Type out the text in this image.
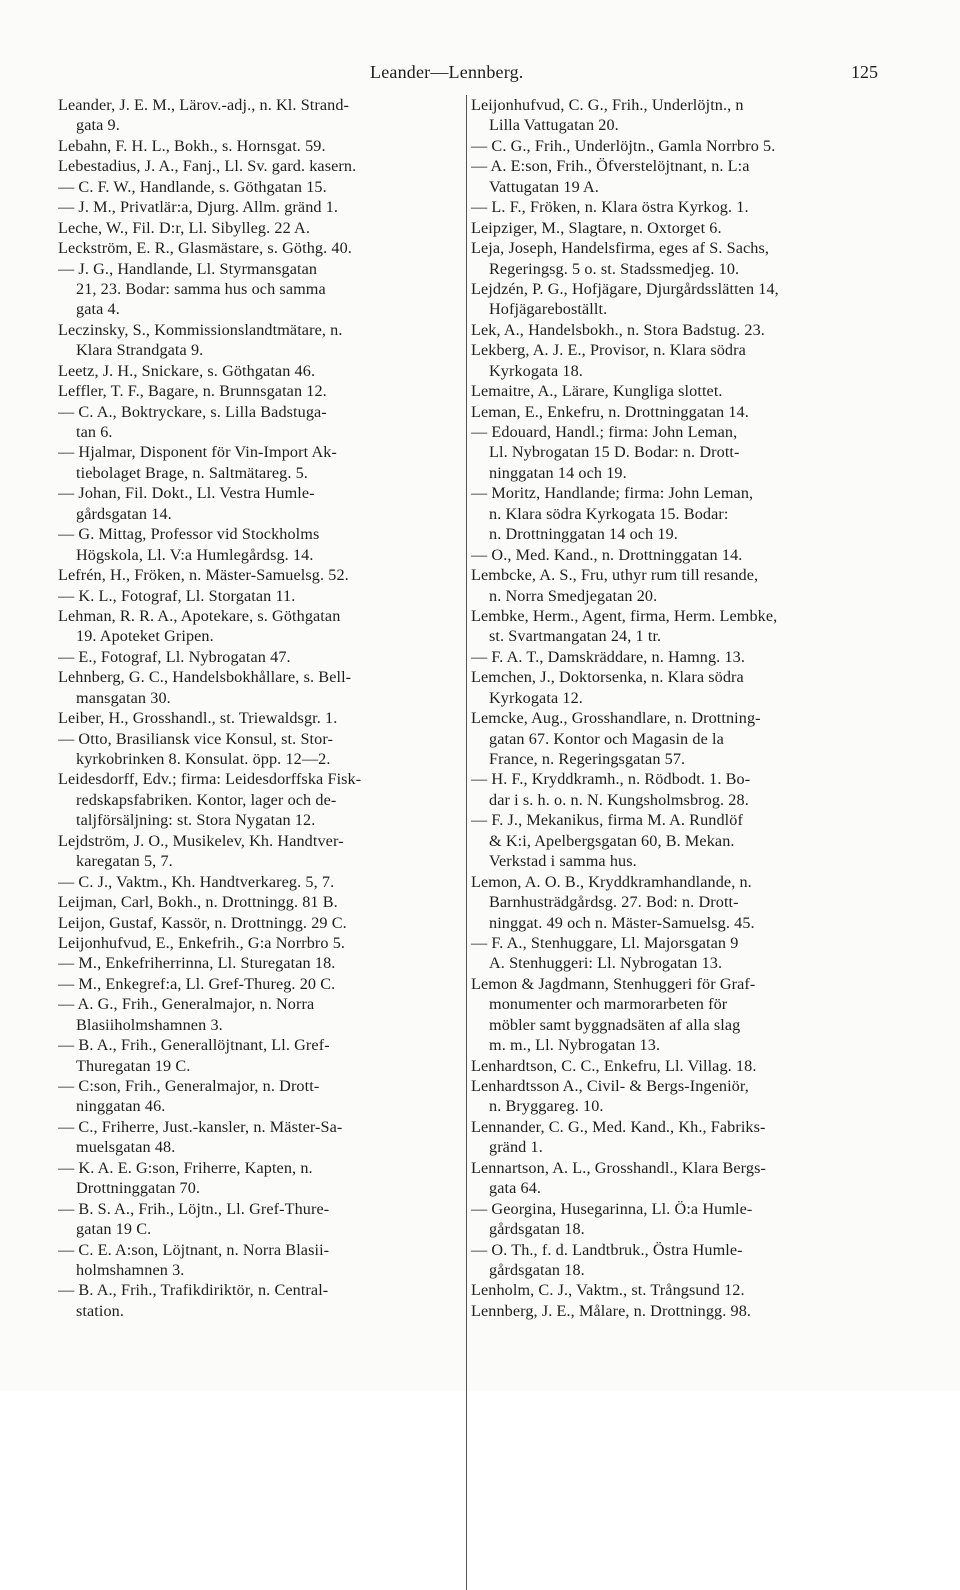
Leander—Lennberg.	125
Leander, J. E. M., Lärov.-adj., n. Kl. Strand-
gata 9.
Lebahn, F. H. L., Bokh., s. Hornsgat. 59.
Lebestadius, J. A., Fanj., Ll. Sv. gard. kasern.
— C. F. W., Handlande, s. Göthgatan 15.
— J. M., Privatlär:a, Djurg. Allm. gränd 1.
Leche, W., Fil. D:r, Ll. Sibylleg. 22 A.
Leckström, E. R., Glasmästare, s. Göthg. 40.
— J. G., Handlande, Ll. Styrmansgatan
21, 23. Bodar: samma hus och samma
gata 4.
Leczinsky, S., Kommissionslandtmätare, n.
Klara Strandgata 9.
Leetz, J. H., Snickare, s. Göthgatan 46.
Leffler, T. F., Bagare, n. Brunnsgatan 12.
— C. A., Boktryckare, s. Lilla Badstuga-
tan 6.
— Hjalmar, Disponent för Vin-Import Ak-
tiebolaget Brage, n. Saltmätareg. 5.
— Johan, Fil. Dokt., Ll. Vestra Humle-
gårdsgatan 14.
— G. Mittag, Professor vid Stockholms
Högskola, Ll. V:a Humlegårdsg. 14.
Lefrén, H., Fröken, n. Mäster-Samuelsg. 52.
— K. L., Fotograf, Ll. Storgatan 11.
Lehman, R. R. A., Apotekare, s. Göthgatan
19. Apoteket Gripen.
— E., Fotograf, Ll. Nybrogatan 47.
Lehnberg, G. C., Handelsbokhållare, s. Bell-
mansgatan 30.
Leiber, H., Grosshandl., st. Triewaldsgr. 1.
— Otto, Brasiliansk vice Konsul, st. Stor-
kyrkobrinken 8. Konsulat. öpp. 12—2.
Leidesdorff, Edv.; firma: Leidesdorffska Fisk-
redskapsfabriken. Kontor, lager och de-
taljförsäljning: st. Stora Nygatan 12.
Lejdström, J. O., Musikelev, Kh. Handtver-
karegatan 5, 7.
— C. J., Vaktm., Kh. Handtverkareg. 5, 7.
Leijman, Carl, Bokh., n. Drottningg. 81 B.
Leijon, Gustaf, Kassör, n. Drottningg. 29 C.
Leijonhufvud, E., Enkefrih., G:a Norrbro 5.
— M., Enkefriherrinna, Ll. Sturegatan 18.
— M., Enkegref:a, Ll. Gref-Thureg. 20 C.
— A. G., Frih., Generalmajor, n. Norra
Blasiiholmshamnen 3.
— B. A., Frih., Generallöjtnant, Ll. Gref-
Thuregatan 19 C.
— C:son, Frih., Generalmajor, n. Drott-
ninggatan 46.
— C., Friherre, Just.-kansler, n. Mäster-Sa-
muelsgatan 48.
— K. A. E. G:son, Friherre, Kapten, n.
Drottninggatan 70.
— B. S. A., Frih., Löjtn., Ll. Gref-Thure-
gatan 19 C.
— C. E. A:son, Löjtnant, n. Norra Blasii-
holmshamnen 3.
— B. A., Frih., Trafikdiriktör, n. Central-
station.
Leijonhufvud, C. G., Frih., Underlöjtn., n
Lilla Vattugatan 20.
— C. G., Frih., Underlöjtn., Gamla Norrbro 5.
— A. E:son, Frih., Öfverstelöjtnant, n. L:a
Vattugatan 19 A.
— L. F., Fröken, n. Klara östra Kyrkog. 1.
Leipziger, M., Slagtare, n. Oxtorget 6.
Leja, Joseph, Handelsfirma, eges af S. Sachs,
Regeringsg. 5 o. st. Stadssmedjeg. 10.
Lejdzén, P. G., Hofjägare, Djurgårdsslätten 14,
Hofjägareboställt.
Lek, A., Handelsbokh., n. Stora Badstug. 23.
Lekberg, A. J. E., Provisor, n. Klara södra
Kyrkogata 18.
Lemaitre, A., Lärare, Kungliga slottet.
Leman, E., Enkefru, n. Drottninggatan 14.
— Edouard, Handl.; firma: John Leman,
Ll. Nybrogatan 15 D. Bodar: n. Drott-
ninggatan 14 och 19.
— Moritz, Handlande; firma: John Leman,
n. Klara södra Kyrkogata 15. Bodar:
n. Drottninggatan 14 och 19.
— O., Med. Kand., n. Drottninggatan 14.
Lembcke, A. S., Fru, uthyr rum till resande,
n. Norra Smedjegatan 20.
Lembke, Herm., Agent, firma, Herm. Lembke,
st. Svartmangatan 24, 1 tr.
— F. A. T., Damskräddare, n. Hamng. 13.
Lemchen, J., Doktorsenka, n. Klara södra
Kyrkogata 12.
Lemcke, Aug., Grosshandlare, n. Drottning-
gatan 67. Kontor och Magasin de la
France, n. Regeringsgatan 57.
— H. F., Kryddkramh., n. Rödbodt. 1. Bo-
dar i s. h. o. n. N. Kungsholmsbrog. 28.
— F. J., Mekanikus, firma M. A. Rundlöf
& K:i, Apelbergsgatan 60, B. Mekan.
Verkstad i samma hus.
Lemon, A. O. B., Kryddkramhandlande, n.
Barnhusträdgårdsg. 27. Bod: n. Drott-
ninggat. 49 och n. Mäster-Samuelsg. 45.
— F. A., Stenhuggare, Ll. Majorsgatan 9
A. Stenhuggeri: Ll. Nybrogatan 13.
Lemon & Jagdmann, Stenhuggeri för Graf-
monumenter och marmorarbeten för
möbler samt byggnadsäten af alla slag
m. m., Ll. Nybrogatan 13.
Lenhardtson, C. C., Enkefru, Ll. Villag. 18.
Lenhardtsson A., Civil- & Bergs-Ingeniör,
n. Bryggareg. 10.
Lennander, C. G., Med. Kand., Kh., Fabriks-
gränd 1.
Lennartson, A. L., Grosshandl., Klara Bergs-
gata 64.
— Georgina, Husegarinna, Ll. Ö:a Humle-
gårdsgatan 18.
— O. Th., f. d. Landtbruk., Östra Humle-
gårdsgatan 18.
Lenholm, C. J., Vaktm., st. Trångsund 12.
Lennberg, J. E., Målare, n. Drottningg. 98.
